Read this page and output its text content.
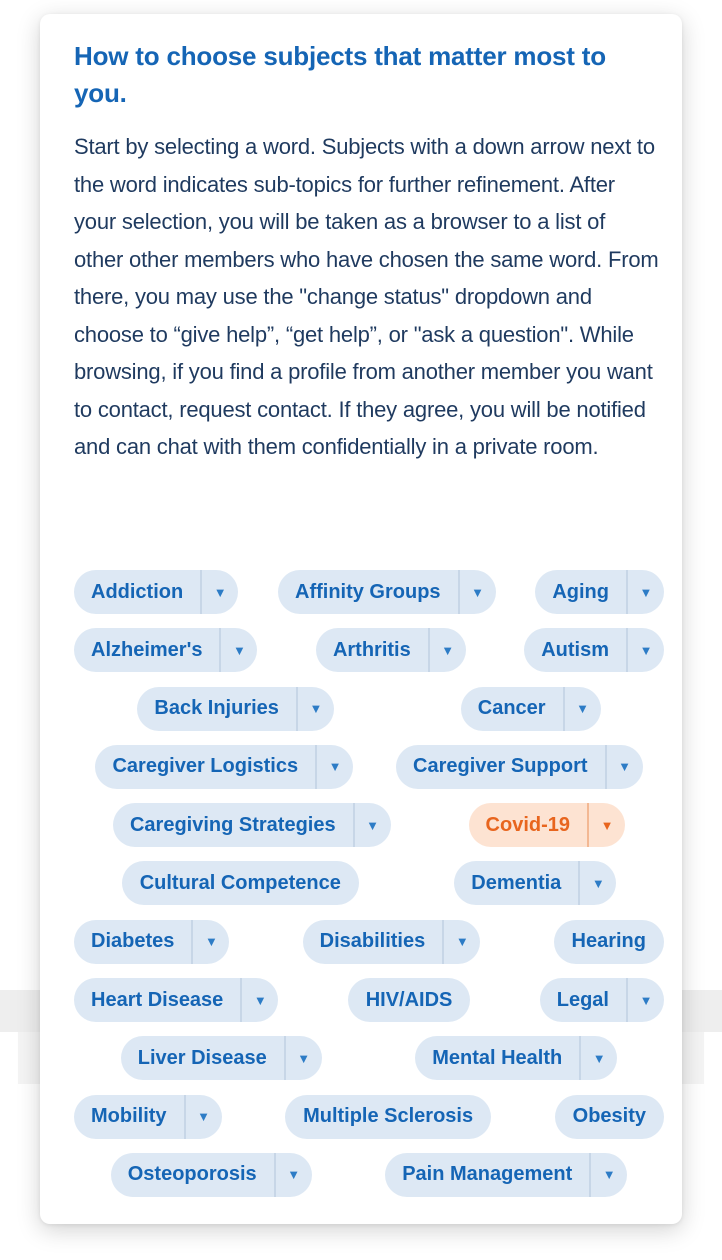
How to choose subjects that matter most to you.

Start by selecting a word. Subjects with a down arrow next to the word indicates sub-topics for further refinement. After your selection, you will be taken as a browser to a list of other other members who have chosen the same word. From there, you may use the "change status" dropdown and choose to “give help”, “get help”, or "ask a question". While browsing, if you find a profile from another member you want to contact, request contact. If they agree, you will be notified and can chat with them confidentially in a private room.

Addiction	▼	Affinity Groups	▼	Aging	▼
Alzheimer's	▼	Arthritis	▼	Autism	▼
Back Injuries	▼	Cancer	▼
Caregiver Logistics	▼	Caregiver Support	▼
Caregiving Strategies	▼	Covid-19	▼
Cultural Competence	Dementia	▼
Diabetes	▼	Disabilities	▼	Hearing
Heart Disease	▼	HIV/AIDS	Legal	▼
Liver Disease	▼	Mental Health	▼
Mobility	▼	Multiple Sclerosis	Obesity
Osteoporosis	▼	Pain Management	▼
